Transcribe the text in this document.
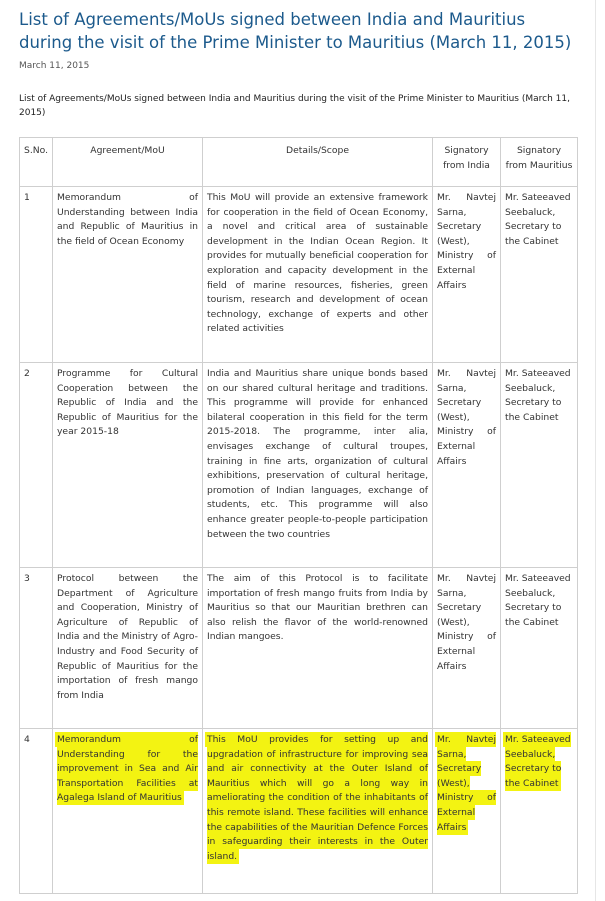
List of Agreements/MoUs signed between India and Mauritius during the visit of the Prime Minister to Mauritius (March 11, 2015)
March 11, 2015
List of Agreements/MoUs signed between India and Mauritius during the visit of the Prime Minister to Mauritius (March 11, 2015)
S.No.	Agreement/MoU	Details/Scope	Signatory from India	Signatory from Mauritius
1	Memorandum of Understanding between India and Republic of Mauritius in the field of Ocean Economy	This MoU will provide an extensive framework for cooperation in the field of Ocean Economy, a novel and critical area of sustainable development in the Indian Ocean Region. It provides for mutually beneficial cooperation for exploration and capacity development in the field of marine resources, fisheries, green tourism, research and development of ocean technology, exchange of experts and other related activities	Mr. Navtej Sarna, Secretary (West), Ministry of External Affairs	Mr. Sateeaved Seebaluck, Secretary to the Cabinet
2	Programme for Cultural Cooperation between the Republic of India and the Republic of Mauritius for the year 2015-18	India and Mauritius share unique bonds based on our shared cultural heritage and traditions. This programme will provide for enhanced bilateral cooperation in this field for the term 2015-2018. The programme, inter alia, envisages exchange of cultural troupes, training in fine arts, organization of cultural exhibitions, preservation of cultural heritage, promotion of Indian languages, exchange of students, etc. This programme will also enhance greater people-to-people participation between the two countries	Mr. Navtej Sarna, Secretary (West), Ministry of External Affairs	Mr. Sateeaved Seebaluck, Secretary to the Cabinet
3	Protocol between the Department of Agriculture and Cooperation, Ministry of Agriculture of Republic of India and the Ministry of Agro-Industry and Food Security of Republic of Mauritius for the importation of fresh mango from India	The aim of this Protocol is to facilitate importation of fresh mango fruits from India by Mauritius so that our Mauritian brethren can also relish the flavor of the world-renowned Indian mangoes.	Mr. Navtej Sarna, Secretary (West), Ministry of External Affairs	Mr. Sateeaved Seebaluck, Secretary to the Cabinet
4	Memorandum of Understanding for the improvement in Sea and Air Transportation Facilities at Agalega Island of Mauritius	This MoU provides for setting up and upgradation of infrastructure for improving sea and air connectivity at the Outer Island of Mauritius which will go a long way in ameliorating the condition of the inhabitants of this remote island. These facilities will enhance the capabilities of the Mauritian Defence Forces in safeguarding their interests in the Outer island.	Mr. Navtej Sarna, Secretary (West), Ministry of External Affairs	Mr. Sateeaved Seebaluck, Secretary to the Cabinet
